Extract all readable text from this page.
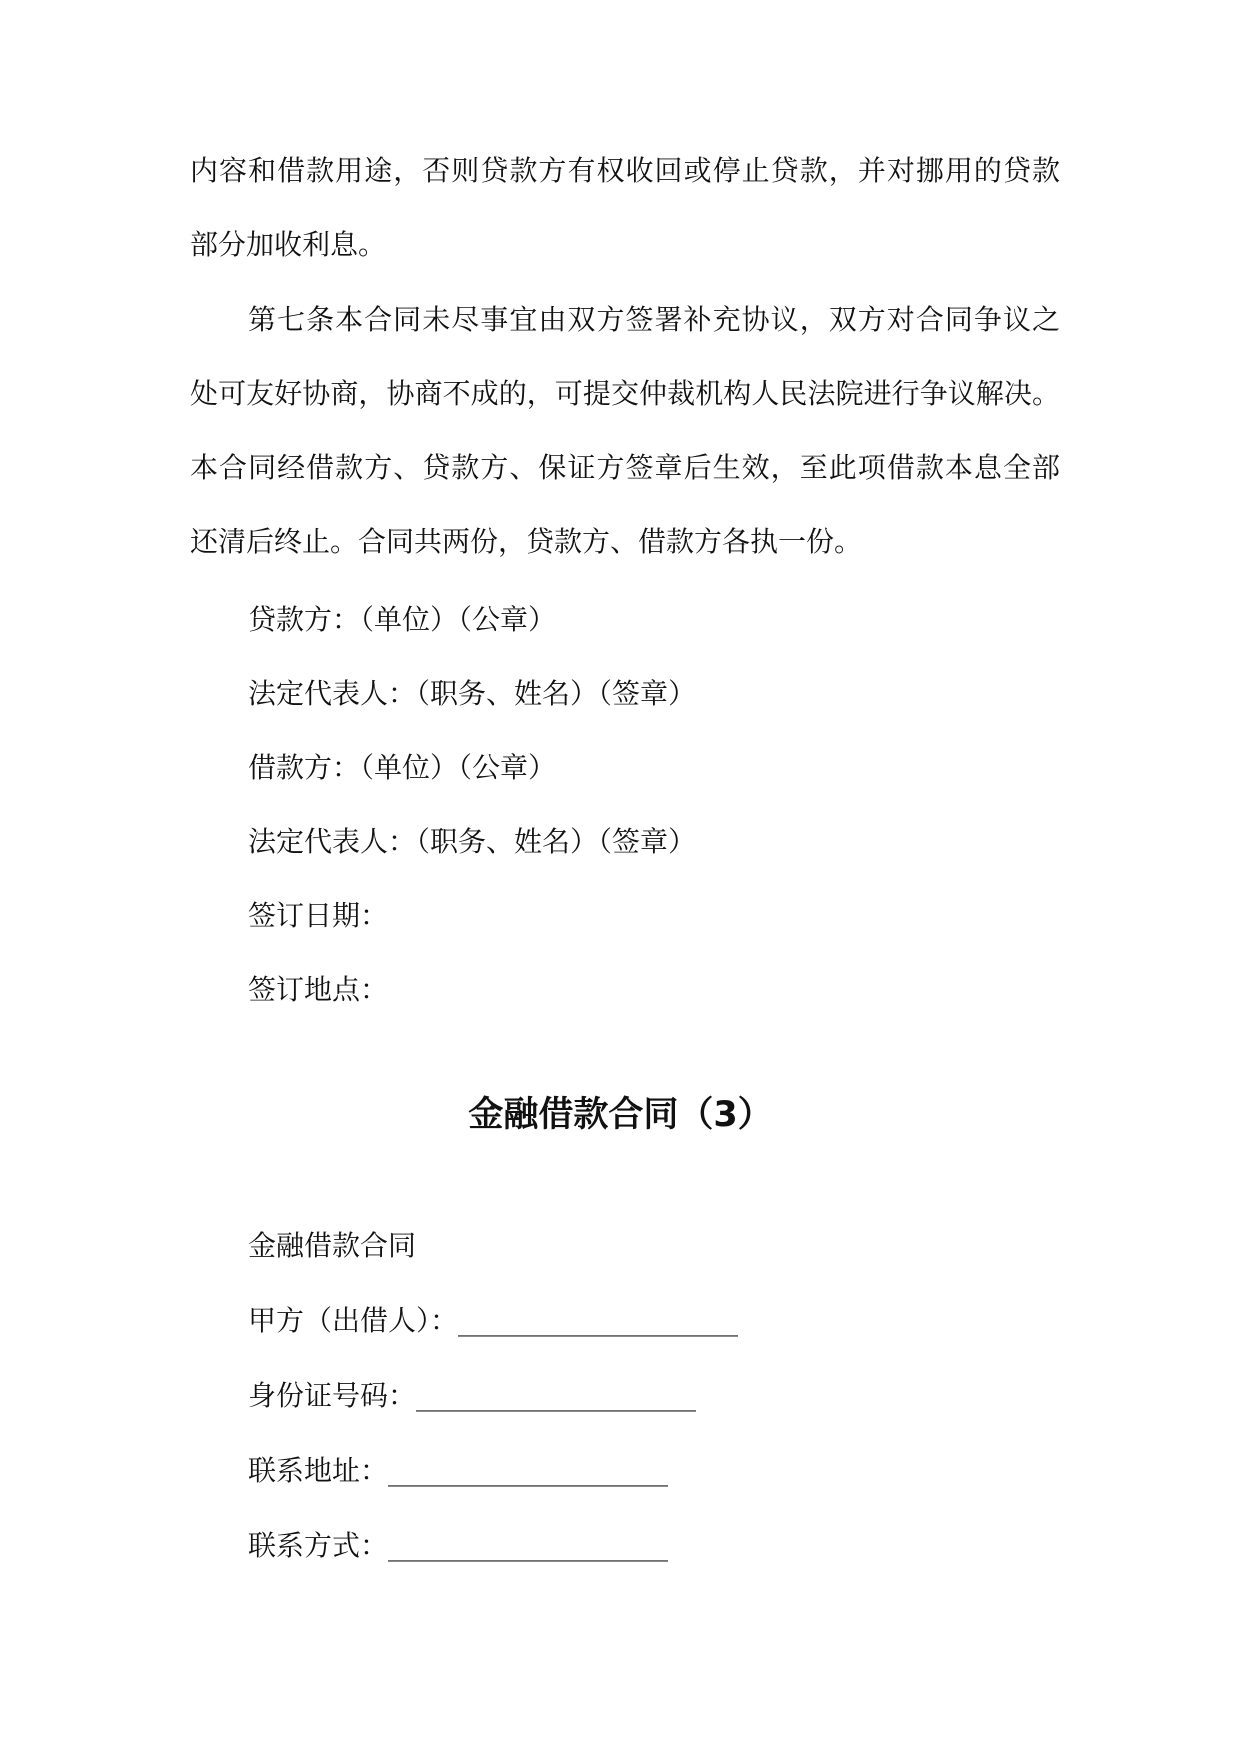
内容和借款用途，否则贷款方有权收回或停止贷款，并对挪用的贷款

部分加收利息。

第七条本合同未尽事宜由双方签署补充协议，双方对合同争议之

处可友好协商，协商不成的，可提交仲裁机构人民法院进行争议解决。

本合同经借款方、贷款方、保证方签章后生效，至此项借款本息全部

还清后终止。合同共两份，贷款方、借款方各执一份。

贷款方：（单位）（公章）

法定代表人：（职务、姓名）（签章）

借款方：（单位）（公章）

法定代表人：（职务、姓名）（签章）

签订日期：

签订地点：

金融借款合同（3）
金融借款合同
甲方（出借人）：____________________
身份证号码：____________________
联系地址：____________________
联系方式：____________________
